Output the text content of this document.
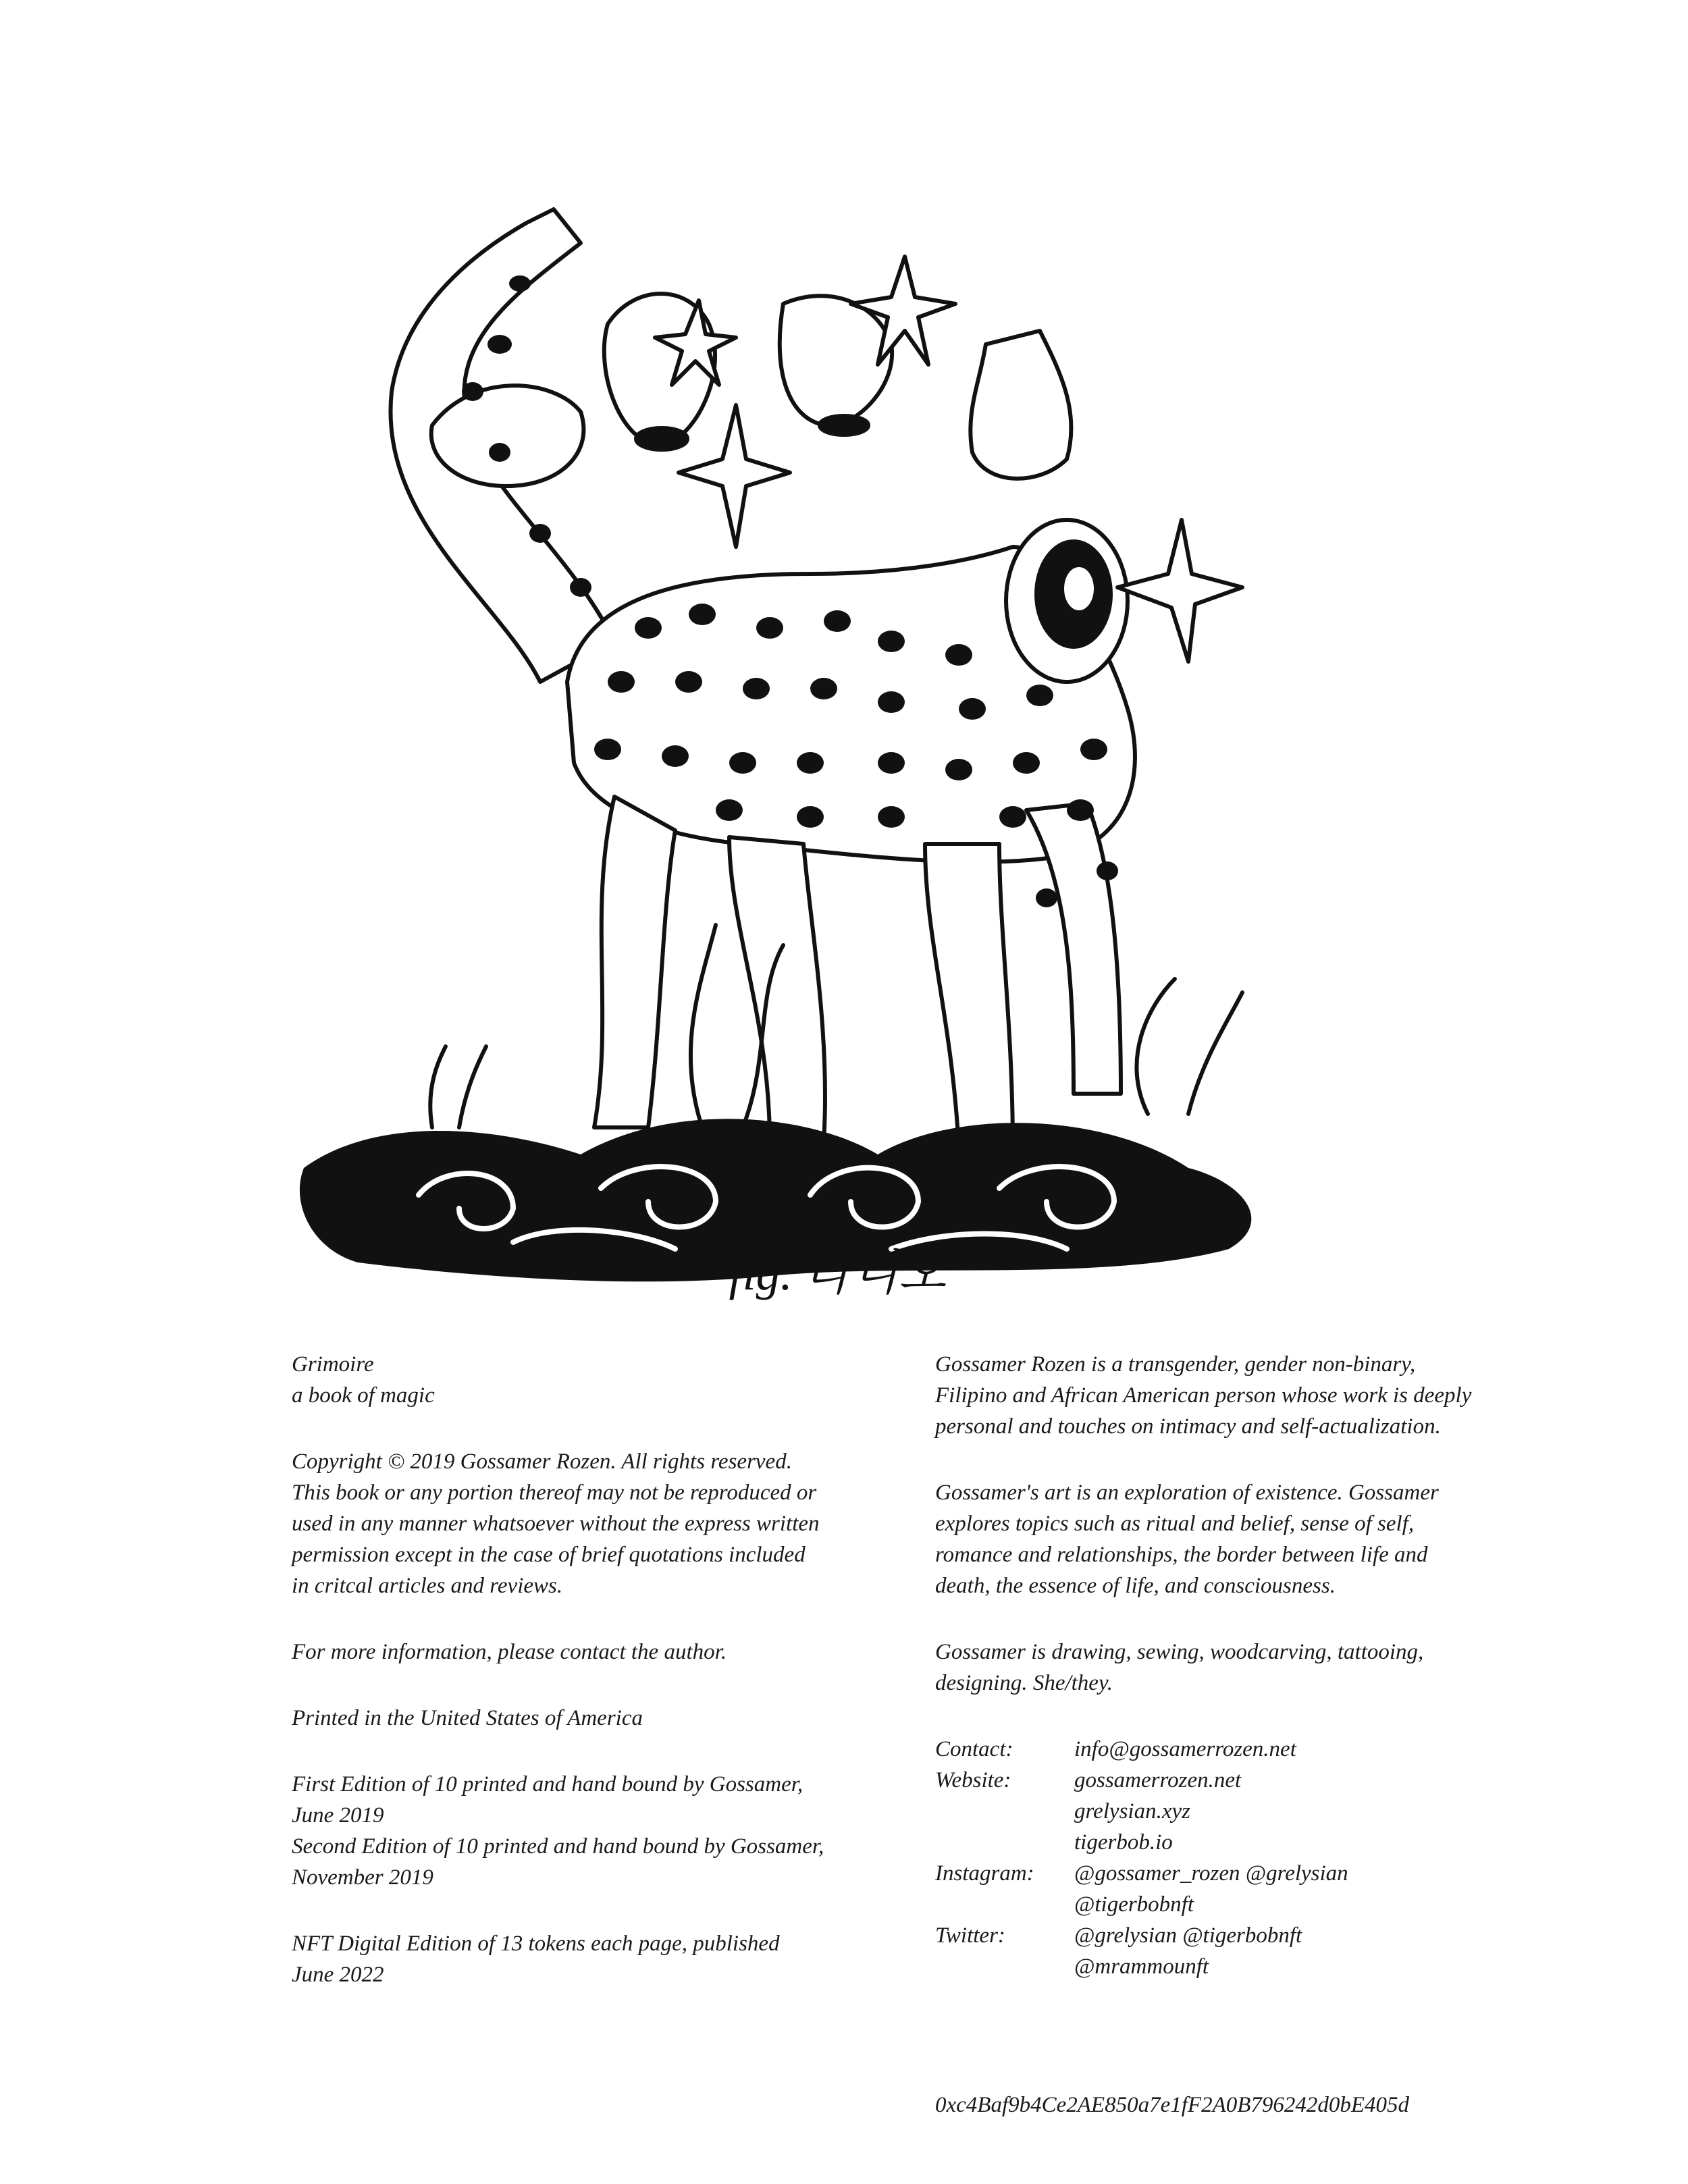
fig. 라니오

Grimoire

a book of magic

Copyright © 2019 Gossamer Rozen. All rights reserved. This book or any portion thereof may not be reproduced or used in any manner whatsoever without the express written permission except in the case of brief quotations included in critcal articles and reviews.

For more information, please contact the author.

Printed in the United States of America

First Edition of 10 printed and hand bound by Gossamer, June 2019

Second Edition of 10 printed and hand bound by Gossamer, November 2019

NFT Digital Edition of 13 tokens each page, published June 2022

Gossamer Rozen is a transgender, gender non-binary, Filipino and African American person whose work is deeply personal and touches on intimacy and self-actualization.

Gossamer's art is an exploration of existence. Gossamer explores topics such as ritual and belief, sense of self, romance and relationships, the border between life and death, the essence of life, and consciousness.

Gossamer is drawing, sewing, woodcarving, tattooing, designing. She/they.

Contact:	info@gossamerrozen.net
Website:	gossamerrozen.net
grelysian.xyz
tigerbob.io
Instagram:	@gossamer_rozen @grelysian
@tigerbobnft
Twitter:	@grelysian @tigerbobnft
@mrammounft
0xc4Baf9b4Ce2AE850a7e1fF2A0B796242d0bE405d
